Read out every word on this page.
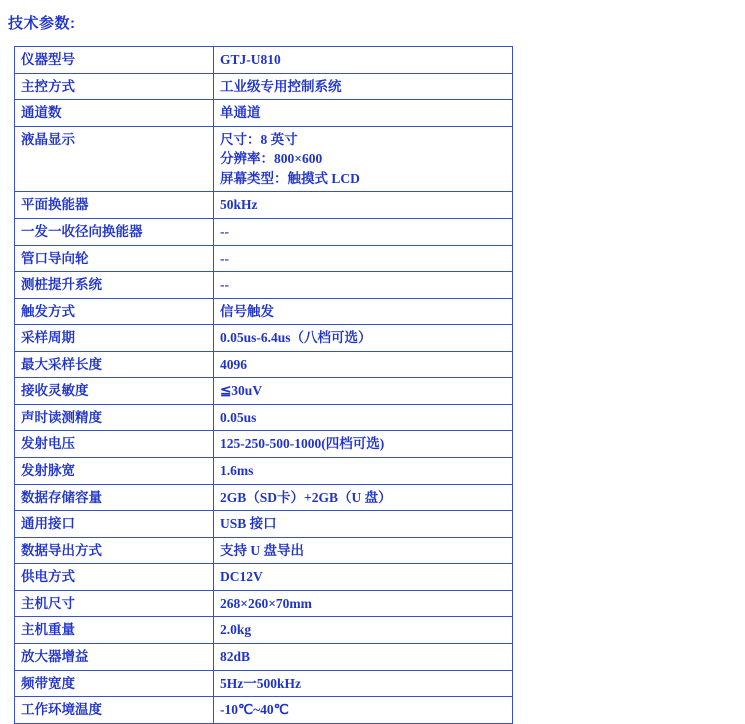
技术参数:
仪器型号	GTJ-U810
主控方式	工业级专用控制系统
通道数	单通道
液晶显示	尺寸：8 英寸
分辨率：800×600
屏幕类型：触摸式 LCD

平面换能器	50kHz
一发一收径向换能器	--
管口导向轮	--
测桩提升系统	--
触发方式	信号触发
采样周期	0.05us-6.4us（八档可选）
最大采样长度	4096
接收灵敏度	≦30uV
声时读测精度	0.05us
发射电压	125-250-500-1000(四档可选)
发射脉宽	1.6ms
数据存储容量	2GB（SD卡）+2GB（U 盘）
通用接口	USB 接口
数据导出方式	支持 U 盘导出
供电方式	DC12V
主机尺寸	268×260×70mm
主机重量	2.0kg
放大器增益	82dB
频带宽度	5Hz一500kHz
工作环境温度	-10℃~40℃
